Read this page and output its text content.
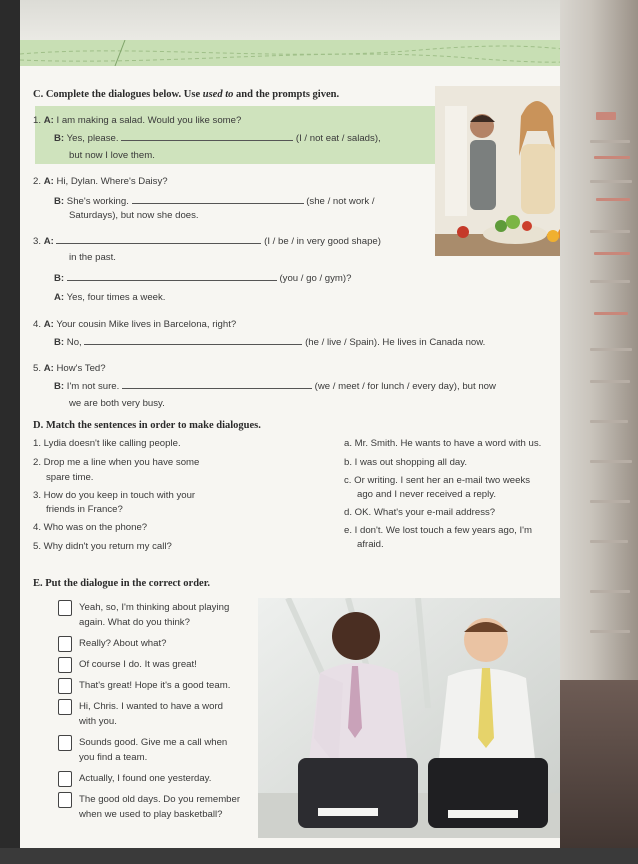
C. Complete the dialogues below. Use used to and the prompts given.
1. A: I am making a salad. Would you like some?
B: Yes, please.	(I / not eat / salads),
but now I love them.
2. A: Hi, Dylan. Where's Daisy?
B: She's working.	(she / not work /
Saturdays), but now she does.
3. A:	(I / be / in very good shape)
in the past.
B:	(you / go / gym)?
A: Yes, four times a week.
4. A: Your cousin Mike lives in Barcelona, right?
B: No,	(he / live / Spain). He lives in Canada now.
5. A: How's Ted?
B: I'm not sure.	(we / meet / for lunch / every day), but now
we are both very busy.
D. Match the sentences in order to make dialogues.
1. Lydia doesn't like calling people.
2. Drop me a line when you have some
spare time.
3. How do you keep in touch with your
friends in France?
4. Who was on the phone?
5. Why didn't you return my call?
a. Mr. Smith. He wants to have a word with us.
b. I was out shopping all day.
c. Or writing. I sent her an e-mail two weeks
ago and I never received a reply.
d. OK. What's your e-mail address?
e. I don't. We lost touch a few years ago, I'm
afraid.
E. Put the dialogue in the correct order.
Yeah, so, I'm thinking about playing
again. What do you think?
Really? About what?
Of course I do. It was great!
That's great! Hope it's a good team.
Hi, Chris. I wanted to have a word
with you.
Sounds good. Give me a call when
you find a team.
Actually, I found one yesterday.
The good old days. Do you remember
when we used to play basketball?
